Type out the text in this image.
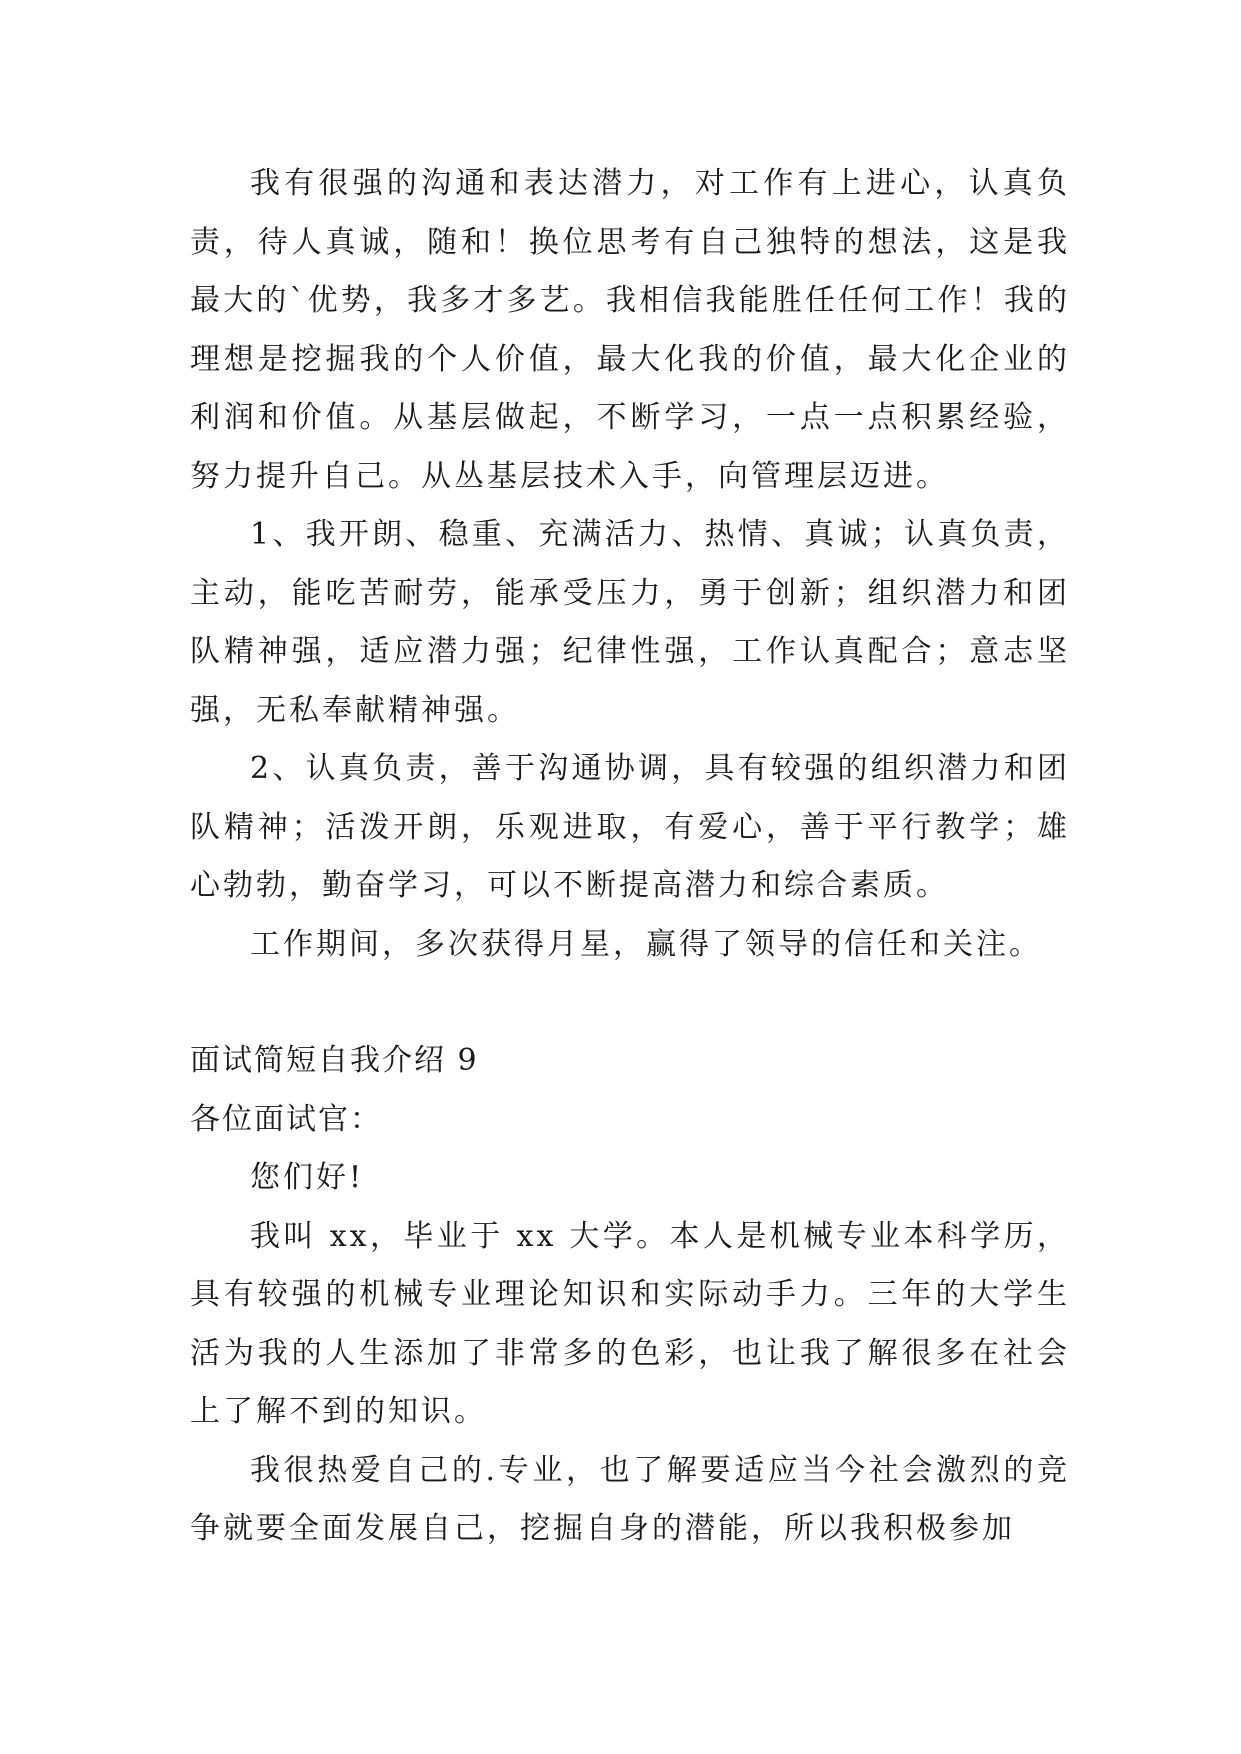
我有很强的沟通和表达潜力，对工作有上进心，认真负责，待人真诚，随和！换位思考有自己独特的想法，这是我最大的`优势，我多才多艺。我相信我能胜任任何工作！我的理想是挖掘我的个人价值，最大化我的价值，最大化企业的利润和价值。从基层做起，不断学习，一点一点积累经验，努力提升自己。从丛基层技术入手，向管理层迈进。

1、我开朗、稳重、充满活力、热情、真诚；认真负责，主动，能吃苦耐劳，能承受压力，勇于创新；组织潜力和团队精神强，适应潜力强；纪律性强，工作认真配合；意志坚强，无私奉献精神强。

2、认真负责，善于沟通协调，具有较强的组织潜力和团队精神；活泼开朗，乐观进取，有爱心，善于平行教学；雄心勃勃，勤奋学习，可以不断提高潜力和综合素质。

工作期间，多次获得月星，赢得了领导的信任和关注。

面试简短自我介绍 9

各位面试官：

您们好!

我叫 xx，毕业于 xx 大学。本人是机械专业本科学历，具有较强的机械专业理论知识和实际动手力。三年的大学生活为我的人生添加了非常多的色彩，也让我了解很多在社会上了解不到的知识。

我很热爱自己的.专业，也了解要适应当今社会激烈的竞争就要全面发展自己，挖掘自身的潜能，所以我积极参加
